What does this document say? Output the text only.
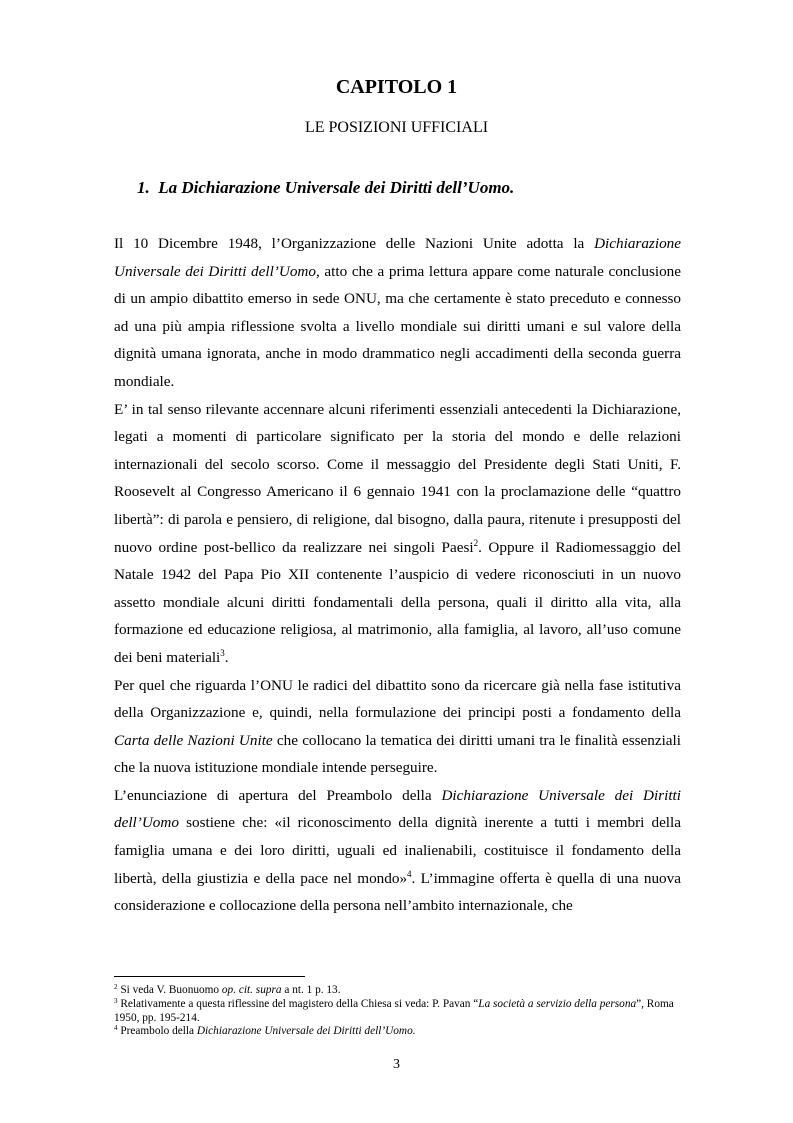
CAPITOLO 1
LE POSIZIONI UFFICIALI
1. La Dichiarazione Universale dei Diritti dell’Uomo.

Il 10 Dicembre 1948, l’Organizzazione delle Nazioni Unite adotta la Dichiarazione Universale dei Diritti dell’Uomo, atto che a prima lettura appare come naturale conclusione di un ampio dibattito emerso in sede ONU, ma che certamente è stato preceduto e connesso ad una più ampia riflessione svolta a livello mondiale sui diritti umani e sul valore della dignità umana ignorata, anche in modo drammatico negli accadimenti della seconda guerra mondiale.

E’ in tal senso rilevante accennare alcuni riferimenti essenziali antecedenti la Dichiarazione, legati a momenti di particolare significato per la storia del mondo e delle relazioni internazionali del secolo scorso. Come il messaggio del Presidente degli Stati Uniti, F. Roosevelt al Congresso Americano il 6 gennaio 1941 con la proclamazione delle “quattro libertà”: di parola e pensiero, di religione, dal bisogno, dalla paura, ritenute i presupposti del nuovo ordine post-bellico da realizzare nei singoli Paesi$^2$. Oppure il Radiomessaggio del Natale 1942 del Papa Pio XII contenente l’auspicio di vedere riconosciuti in un nuovo assetto mondiale alcuni diritti fondamentali della persona, quali il diritto alla vita, alla formazione ed educazione religiosa, al matrimonio, alla famiglia, al lavoro, all’uso comune dei beni materiali$^3$.

Per quel che riguarda l’ONU le radici del dibattito sono da ricercare già nella fase istitutiva della Organizzazione e, quindi, nella formulazione dei principi posti a fondamento della Carta delle Nazioni Unite che collocano la tematica dei diritti umani tra le finalità essenziali che la nuova istituzione mondiale intende perseguire.

L’enunciazione di apertura del Preambolo della Dichiarazione Universale dei Diritti dell’Uomo sostiene che: «il riconoscimento della dignità inerente a tutti i membri della famiglia umana e dei loro diritti, uguali ed inalienabili, costituisce il fondamento della libertà, della giustizia e della pace nel mondo»$^4$. L’immagine offerta è quella di una nuova considerazione e collocazione della persona nell’ambito internazionale, che

$^2$ Si veda V. Buonuomo op. cit. supra a nt. 1 p. 13.
$^3$ Relativamente a questa riflessine del magistero della Chiesa si veda: P. Pavan “La società a servizio della persona”, Roma 1950, pp. 195-214.
$^4$ Preambolo della Dichiarazione Universale dei Diritti dell’Uomo.
3
